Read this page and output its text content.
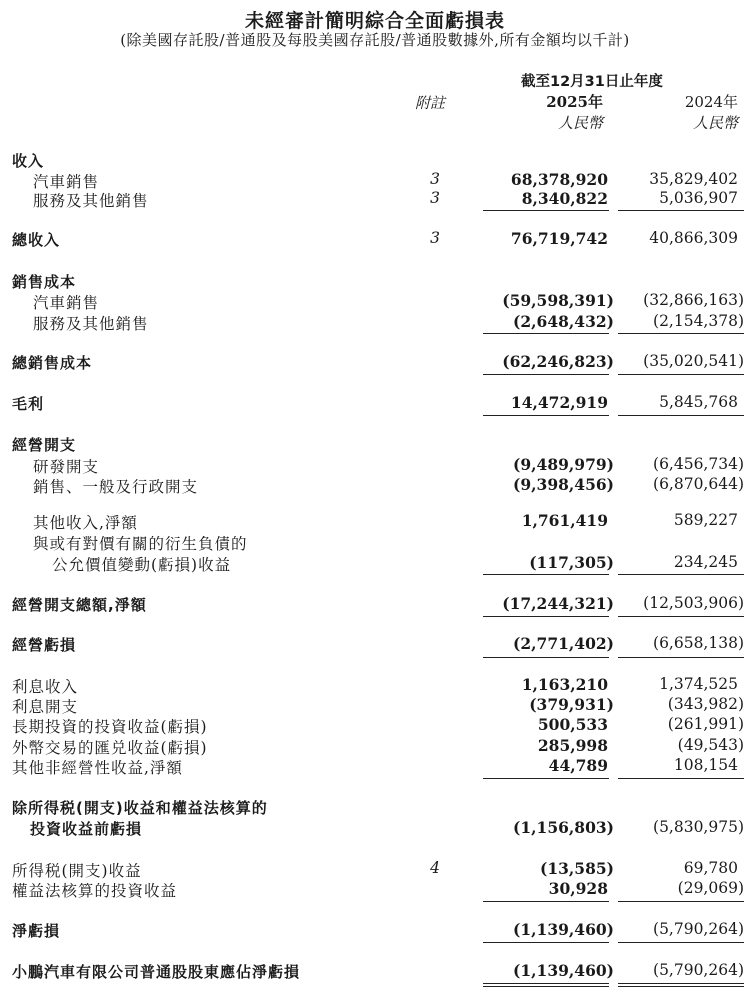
未經審計簡明綜合全面虧損表
(除美國存託股/普通股及每股美國存託股/普通股數據外,所有金額均以千計)
截至12月31日止年度
附註	2025年	2024年
人民幣	人民幣
收入
汽車銷售	3	68,378,920	35,829,402
服務及其他銷售	3	8,340,822	5,036,907
總收入	3	76,719,742	40,866,309
銷售成本
汽車銷售	(59,598,391) (32,866,163)
服務及其他銷售	(2,648,432)	(2,154,378)
總銷售成本	(62,246,823) (35,020,541)
毛利	14,472,919	5,845,768
經營開支
研發開支	(9,489,979)	(6,456,734)
銷售、一般及行政開支	(9,398,456)	(6,870,644)
其他收入,淨額	1,761,419	589,227
與或有對價有關的衍生負債的
公允價值變動(虧損)收益	(117,305)	234,245
經營開支總額,淨額	(17,244,321) (12,503,906)
經營虧損	(2,771,402)	(6,658,138)
利息收入	1,163,210	1,374,525
利息開支	(379,931)	(343,982)
長期投資的投資收益(虧損)	500,533	(261,991)
外幣交易的匯兑收益(虧損)	285,998	(49,543)
其他非經營性收益,淨額	44,789	108,154
除所得税(開支)收益和權益法核算的
投資收益前虧損	(1,156,803)	(5,830,975)
所得税(開支)收益	4	(13,585)	69,780
權益法核算的投資收益	30,928	(29,069)
淨虧損	(1,139,460)	(5,790,264)
小鵬汽車有限公司普通股股東應佔淨虧損	(1,139,460)	(5,790,264)
